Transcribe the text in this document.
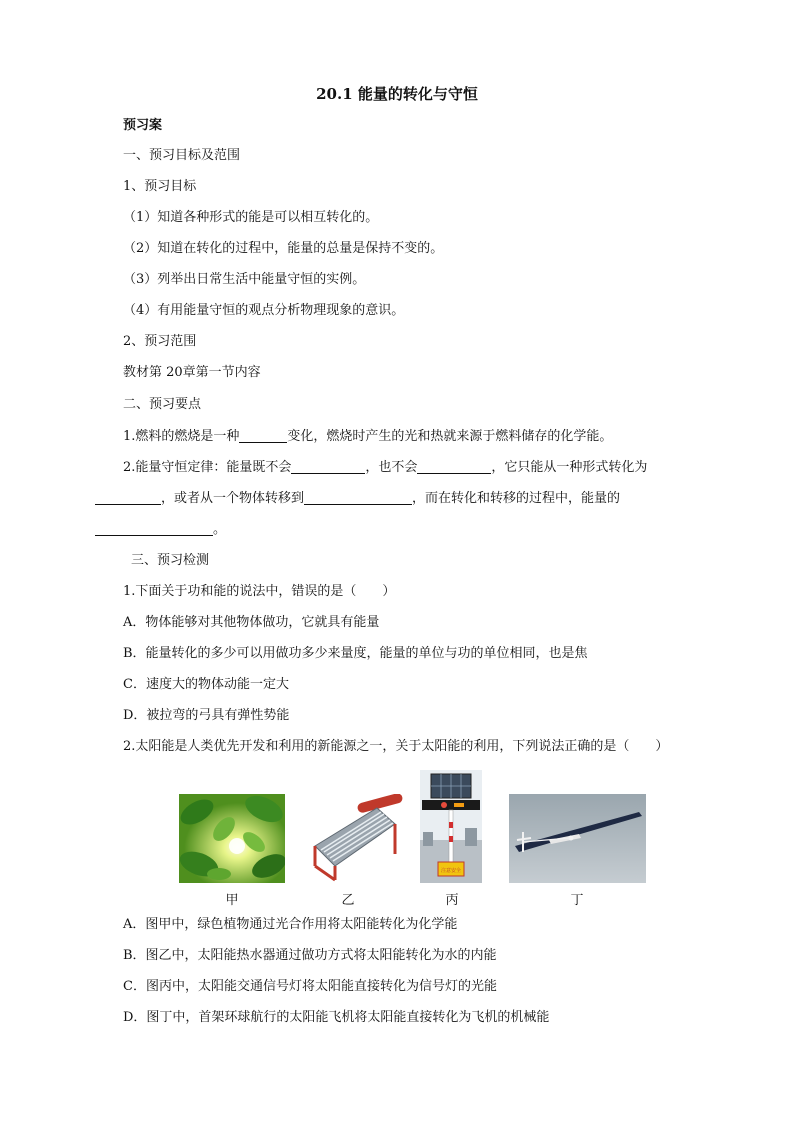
20.1 能量的转化与守恒
预习案
一、预习目标及范围
1、预习目标
（1）知道各种形式的能是可以相互转化的。
（2）知道在转化的过程中，能量的总量是保持不变的。
（3）列举出日常生活中能量守恒的实例。
（4）有用能量守恒的观点分析物理现象的意识。
2、预习范围
教材第 20章第一节内容
二、预习要点
1.燃料的燃烧是一种	变化，燃烧时产生的光和热就来源于燃料储存的化学能。
2.能量守恒定律：能量既不会	，也不会	，它只能从一种形式转化为
，或者从一个物体转移到	，而在转化和转移的过程中，能量的
。
三、预习检测
1.下面关于功和能的说法中，错误的是（　　）
A．物体能够对其他物体做功，它就具有能量
B．能量转化的多少可以用做功多少来量度，能量的单位与功的单位相同，也是焦
C．速度大的物体动能一定大
D．被拉弯的弓具有弹性势能
2.太阳能是人类优先开发和利用的新能源之一，关于太阳能的利用，下列说法正确的是（　　）
注意安全
甲	乙	丙	丁
A．图甲中，绿色植物通过光合作用将太阳能转化为化学能
B．图乙中，太阳能热水器通过做功方式将太阳能转化为水的内能
C．图丙中，太阳能交通信号灯将太阳能直接转化为信号灯的光能
D．图丁中，首架环球航行的太阳能飞机将太阳能直接转化为飞机的机械能
